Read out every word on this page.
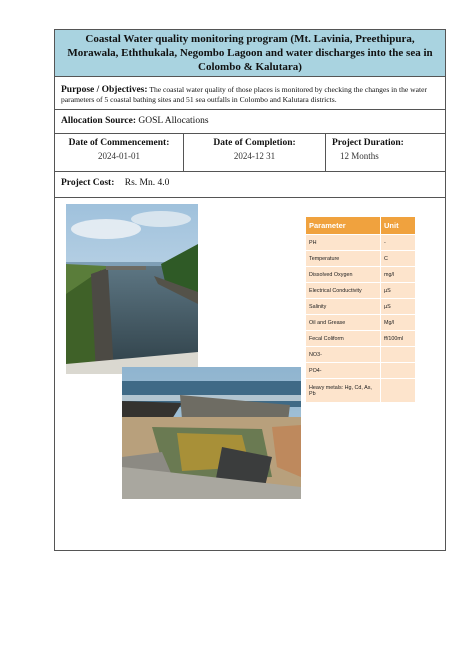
Coastal Water quality monitoring program (Mt. Lavinia, Preethipura, Morawala, Eththukala, Negombo Lagoon and water discharges into the sea in Colombo & Kalutara)
Purpose / Objectives: The coastal water quality of those places is monitored by checking the changes in the water parameters of 5 coastal bathing sites and 51 sea outfalls in Colombo and Kalutara districts.
Allocation Source: GOSL Allocations
Date of Commencement:
2024-01-01
Date of Completion:
2024-12 31
Project Duration:
12 Months
Project Cost: Rs. Mn. 4.0
Parameter	Unit
PH	-
Temperature	C
Dissolved Oxygen	mg/l
Electrical Conductivity	µS
Salinity	µS
Oil and Grease	Mg/l
Fecal Coliform	ff/100ml
NO3-	
PO4-	
Heavy metals: Hg, Cd, As, Pb	
